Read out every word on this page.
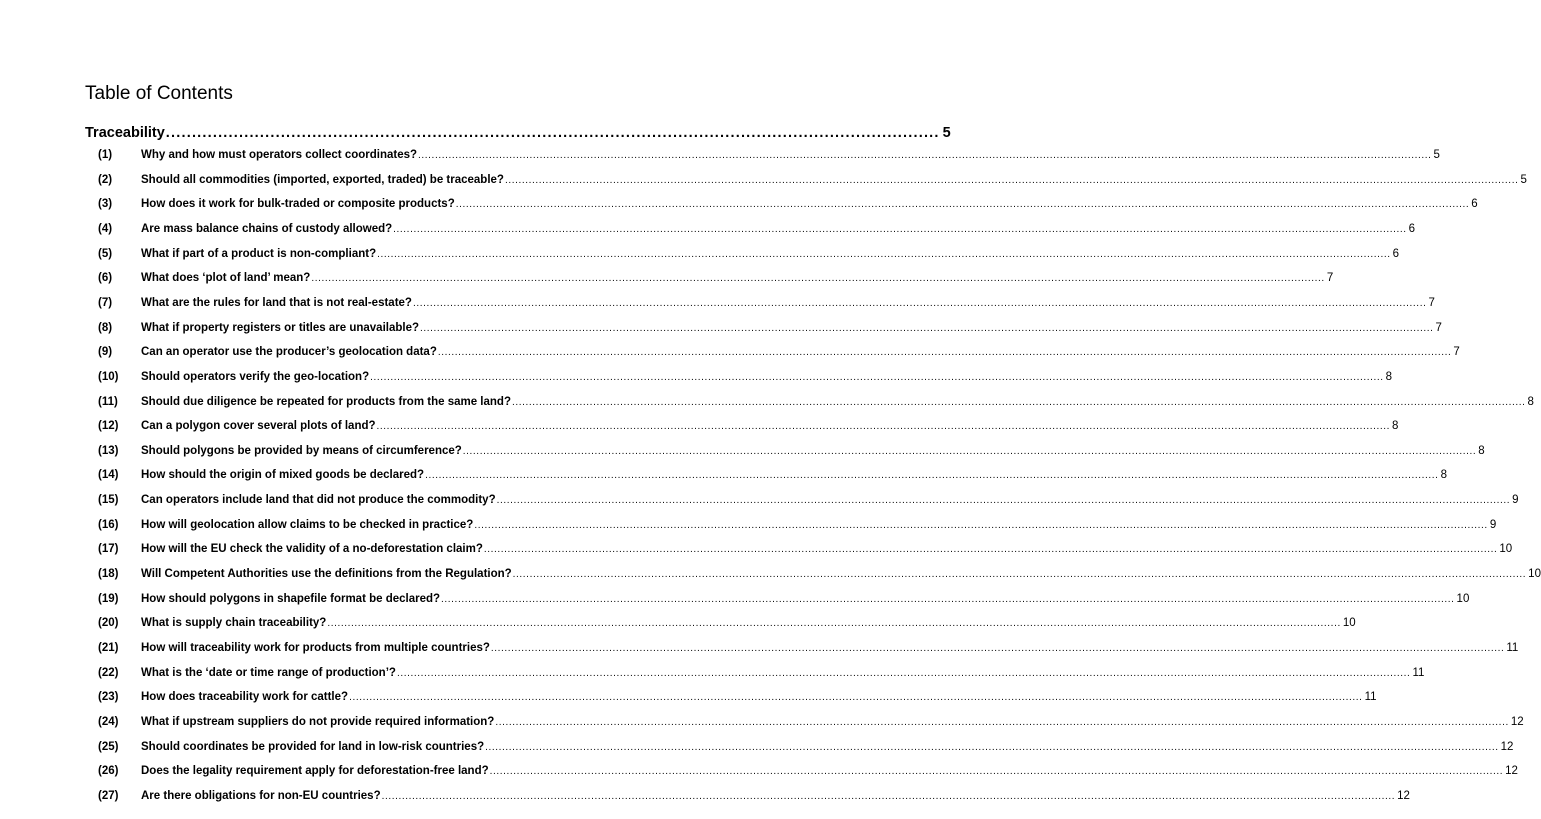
Table of Contents
Traceability .................................................................................................................................................... 5
(1)	Why and how must operators collect coordinates? ............................................................................................................................................................................................................................................................................................................ 5
(2)	Should all commodities (imported, exported, traded) be traceable? ............................................................................................................................................................................................................................................................................................................ 5
(3)	How does it work for bulk-traded or composite products? ............................................................................................................................................................................................................................................................................................................ 6
(4)	Are mass balance chains of custody allowed? ............................................................................................................................................................................................................................................................................................................ 6
(5)	What if part of a product is non-compliant? ............................................................................................................................................................................................................................................................................................................ 6
(6)	What does ‘plot of land’ mean? ............................................................................................................................................................................................................................................................................................................ 7
(7)	What are the rules for land that is not real-estate? ............................................................................................................................................................................................................................................................................................................ 7
(8)	What if property registers or titles are unavailable? ............................................................................................................................................................................................................................................................................................................ 7
(9)	Can an operator use the producer’s geolocation data? ............................................................................................................................................................................................................................................................................................................ 7
(10) Should operators verify the geo-location? ............................................................................................................................................................................................................................................................................................................ 8
(11) Should due diligence be repeated for products from the same land? ............................................................................................................................................................................................................................................................................................................ 8
(12) Can a polygon cover several plots of land? ............................................................................................................................................................................................................................................................................................................ 8
(13) Should polygons be provided by means of circumference? ............................................................................................................................................................................................................................................................................................................ 8
(14) How should the origin of mixed goods be declared? ............................................................................................................................................................................................................................................................................................................ 8
(15) Can operators include land that did not produce the commodity? ............................................................................................................................................................................................................................................................................................................ 9
(16) How will geolocation allow claims to be checked in practice? ............................................................................................................................................................................................................................................................................................................ 9
(17) How will the EU check the validity of a no-deforestation claim? ............................................................................................................................................................................................................................................................................................................ 10
(18) Will Competent Authorities use the definitions from the Regulation? ............................................................................................................................................................................................................................................................................................................ 10
(19) How should polygons in shapefile format be declared? ............................................................................................................................................................................................................................................................................................................ 10
(20) What is supply chain traceability? ............................................................................................................................................................................................................................................................................................................ 10
(21) How will traceability work for products from multiple countries? ............................................................................................................................................................................................................................................................................................................ 11
(22) What is the ‘date or time range of production’? ............................................................................................................................................................................................................................................................................................................ 11
(23) How does traceability work for cattle? ............................................................................................................................................................................................................................................................................................................ 11
(24) What if upstream suppliers do not provide required information? ............................................................................................................................................................................................................................................................................................................ 12
(25) Should coordinates be provided for land in low-risk countries? ............................................................................................................................................................................................................................................................................................................ 12
(26) Does the legality requirement apply for deforestation-free land? ............................................................................................................................................................................................................................................................................................................ 12
(27) Are there obligations for non-EU countries? ............................................................................................................................................................................................................................................................................................................ 12
